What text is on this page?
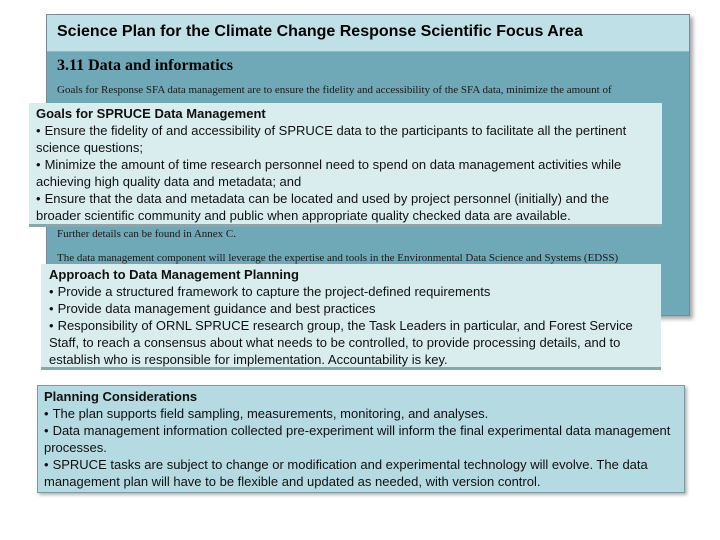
Science Plan for the Climate Change Response Scientific Focus Area
3.11 Data and informatics
Goals for Response SFA data management are to ensure the fidelity and accessibility of the SFA data, minimize the amount of
Further details can be found in Annex C.
The data management component will leverage the expertise and tools in the Environmental Data Science and Systems (EDSS)
Goals for SPRUCE Data Management
• Ensure the fidelity of and accessibility of SPRUCE data to the participants to facilitate all the pertinent science questions;
• Minimize the amount of time research personnel need to spend on data management activities while achieving high quality data and metadata; and
• Ensure that the data and metadata can be located and used by project personnel (initially) and the broader scientific community and public when appropriate quality checked data are available.
Approach to Data Management Planning
• Provide a structured framework to capture the project-defined requirements
• Provide data management guidance and best practices
• Responsibility of ORNL SPRUCE research group, the Task Leaders in particular, and Forest Service Staff, to reach a consensus about what needs to be controlled, to provide processing details, and to establish who is responsible for implementation. Accountability is key.
Planning Considerations
• The plan supports field sampling, measurements, monitoring, and analyses.
• Data management information collected pre-experiment will inform the final experimental data management processes.
• SPRUCE tasks are subject to change or modification and experimental technology will evolve. The data management plan will have to be flexible and updated as needed, with version control.
